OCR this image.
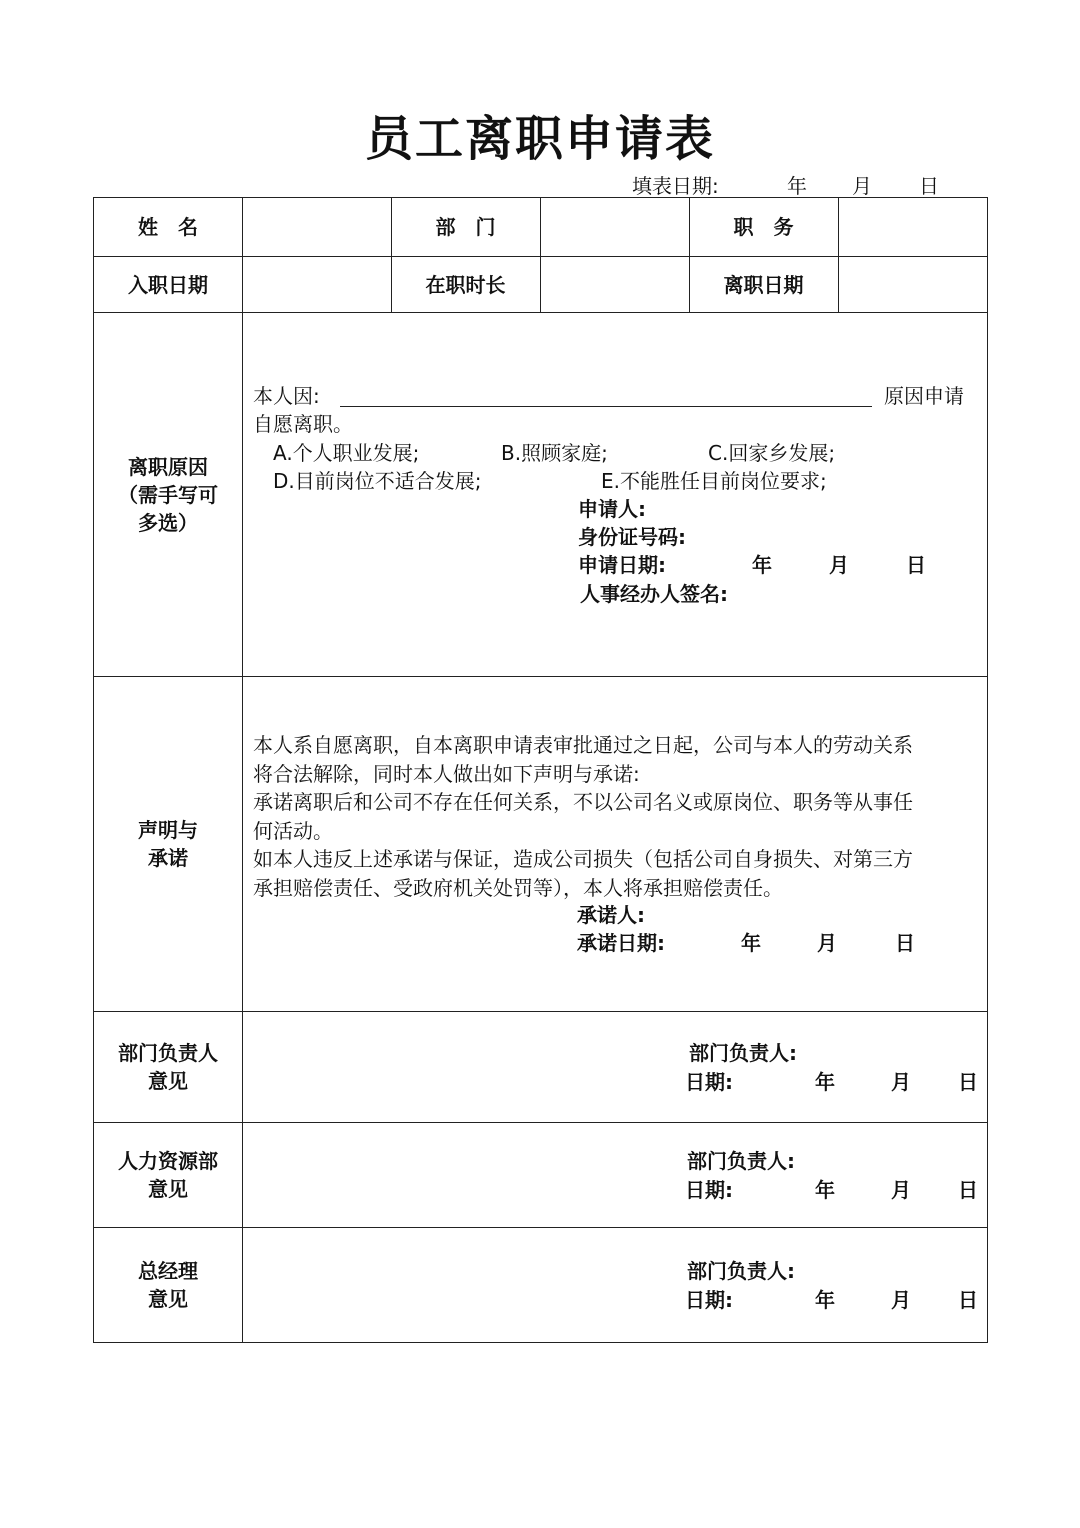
员工离职申请表
填表日期:	年 月 日
姓　名	部　门	职　务
入职日期	在职时长	离职日期
离职原因
（需手写可
多选）
本人因:	原因申请
自愿离职。
A.个人职业发展;	B.照顾家庭;	C.回家乡发展;
D.目前岗位不适合发展;	E.不能胜任目前岗位要求;
申请人:
身份证号码:
申请日期:	年	月	日
人事经办人签名:
声明与
承诺
本人系自愿离职，自本离职申请表审批通过之日起，公司与本人的劳动关系
将合法解除，同时本人做出如下声明与承诺:
承诺离职后和公司不存在任何关系，不以公司名义或原岗位、职务等从事任
何活动。
如本人违反上述承诺与保证，造成公司损失（包括公司自身损失、对第三方
承担赔偿责任、受政府机关处罚等），本人将承担赔偿责任。
承诺人:
承诺日期:	年	月	日
部门负责人
意见
部门负责人:
日期:	年	月 日
人力资源部
意见
部门负责人:
日期:	年	月 日
总经理
意见
部门负责人:
日期:	年	月 日
